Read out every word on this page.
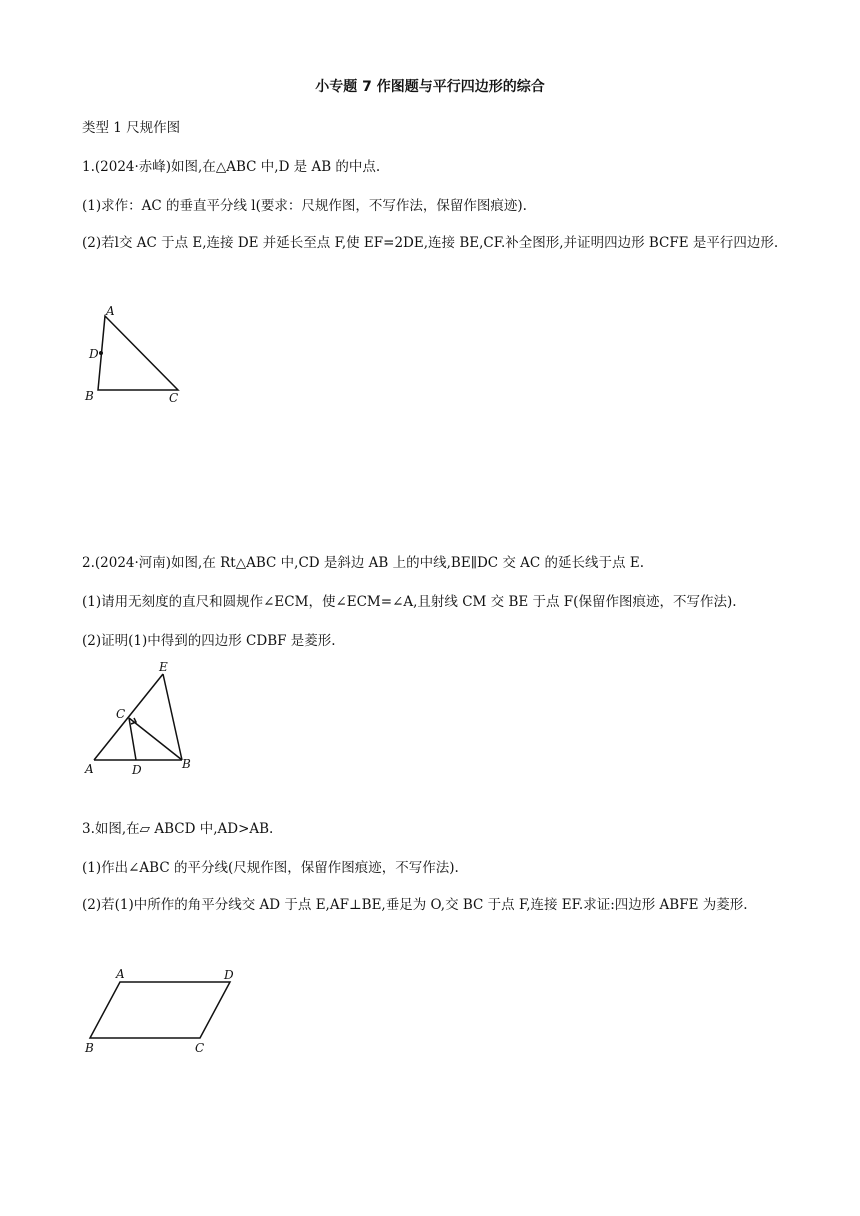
小专题 7 作图题与平行四边形的综合
类型 1 尺规作图
1.(2024·赤峰)如图,在△ABC 中,D 是 AB 的中点.
(1)求作：AC 的垂直平分线 l(要求：尺规作图，不写作法，保留作图痕迹).
(2)若l交 AC 于点 E,连接 DE 并延长至点 F,使 EF=2DE,连接 BE,CF.补全图形,并证明四边形 BCFE 是平行四边形.
A
D
B	C
2.(2024·河南)如图,在 Rt△ABC 中,CD 是斜边 AB 上的中线,BE∥DC 交 AC 的延长线于点 E.
(1)请用无刻度的直尺和圆规作∠ECM，使∠ECM=∠A,且射线 CM 交 BE 于点 F(保留作图痕迹，不写作法).
(2)证明(1)中得到的四边形 CDBF 是菱形.
E
C
A	D	B
3.如图,在▱ ABCD 中,AD>AB.
(1)作出∠ABC 的平分线(尺规作图，保留作图痕迹，不写作法).
(2)若(1)中所作的角平分线交 AD 于点 E,AF⊥BE,垂足为 O,交 BC 于点 F,连接 EF.求证:四边形 ABFE 为菱形.
A	D
B	C
